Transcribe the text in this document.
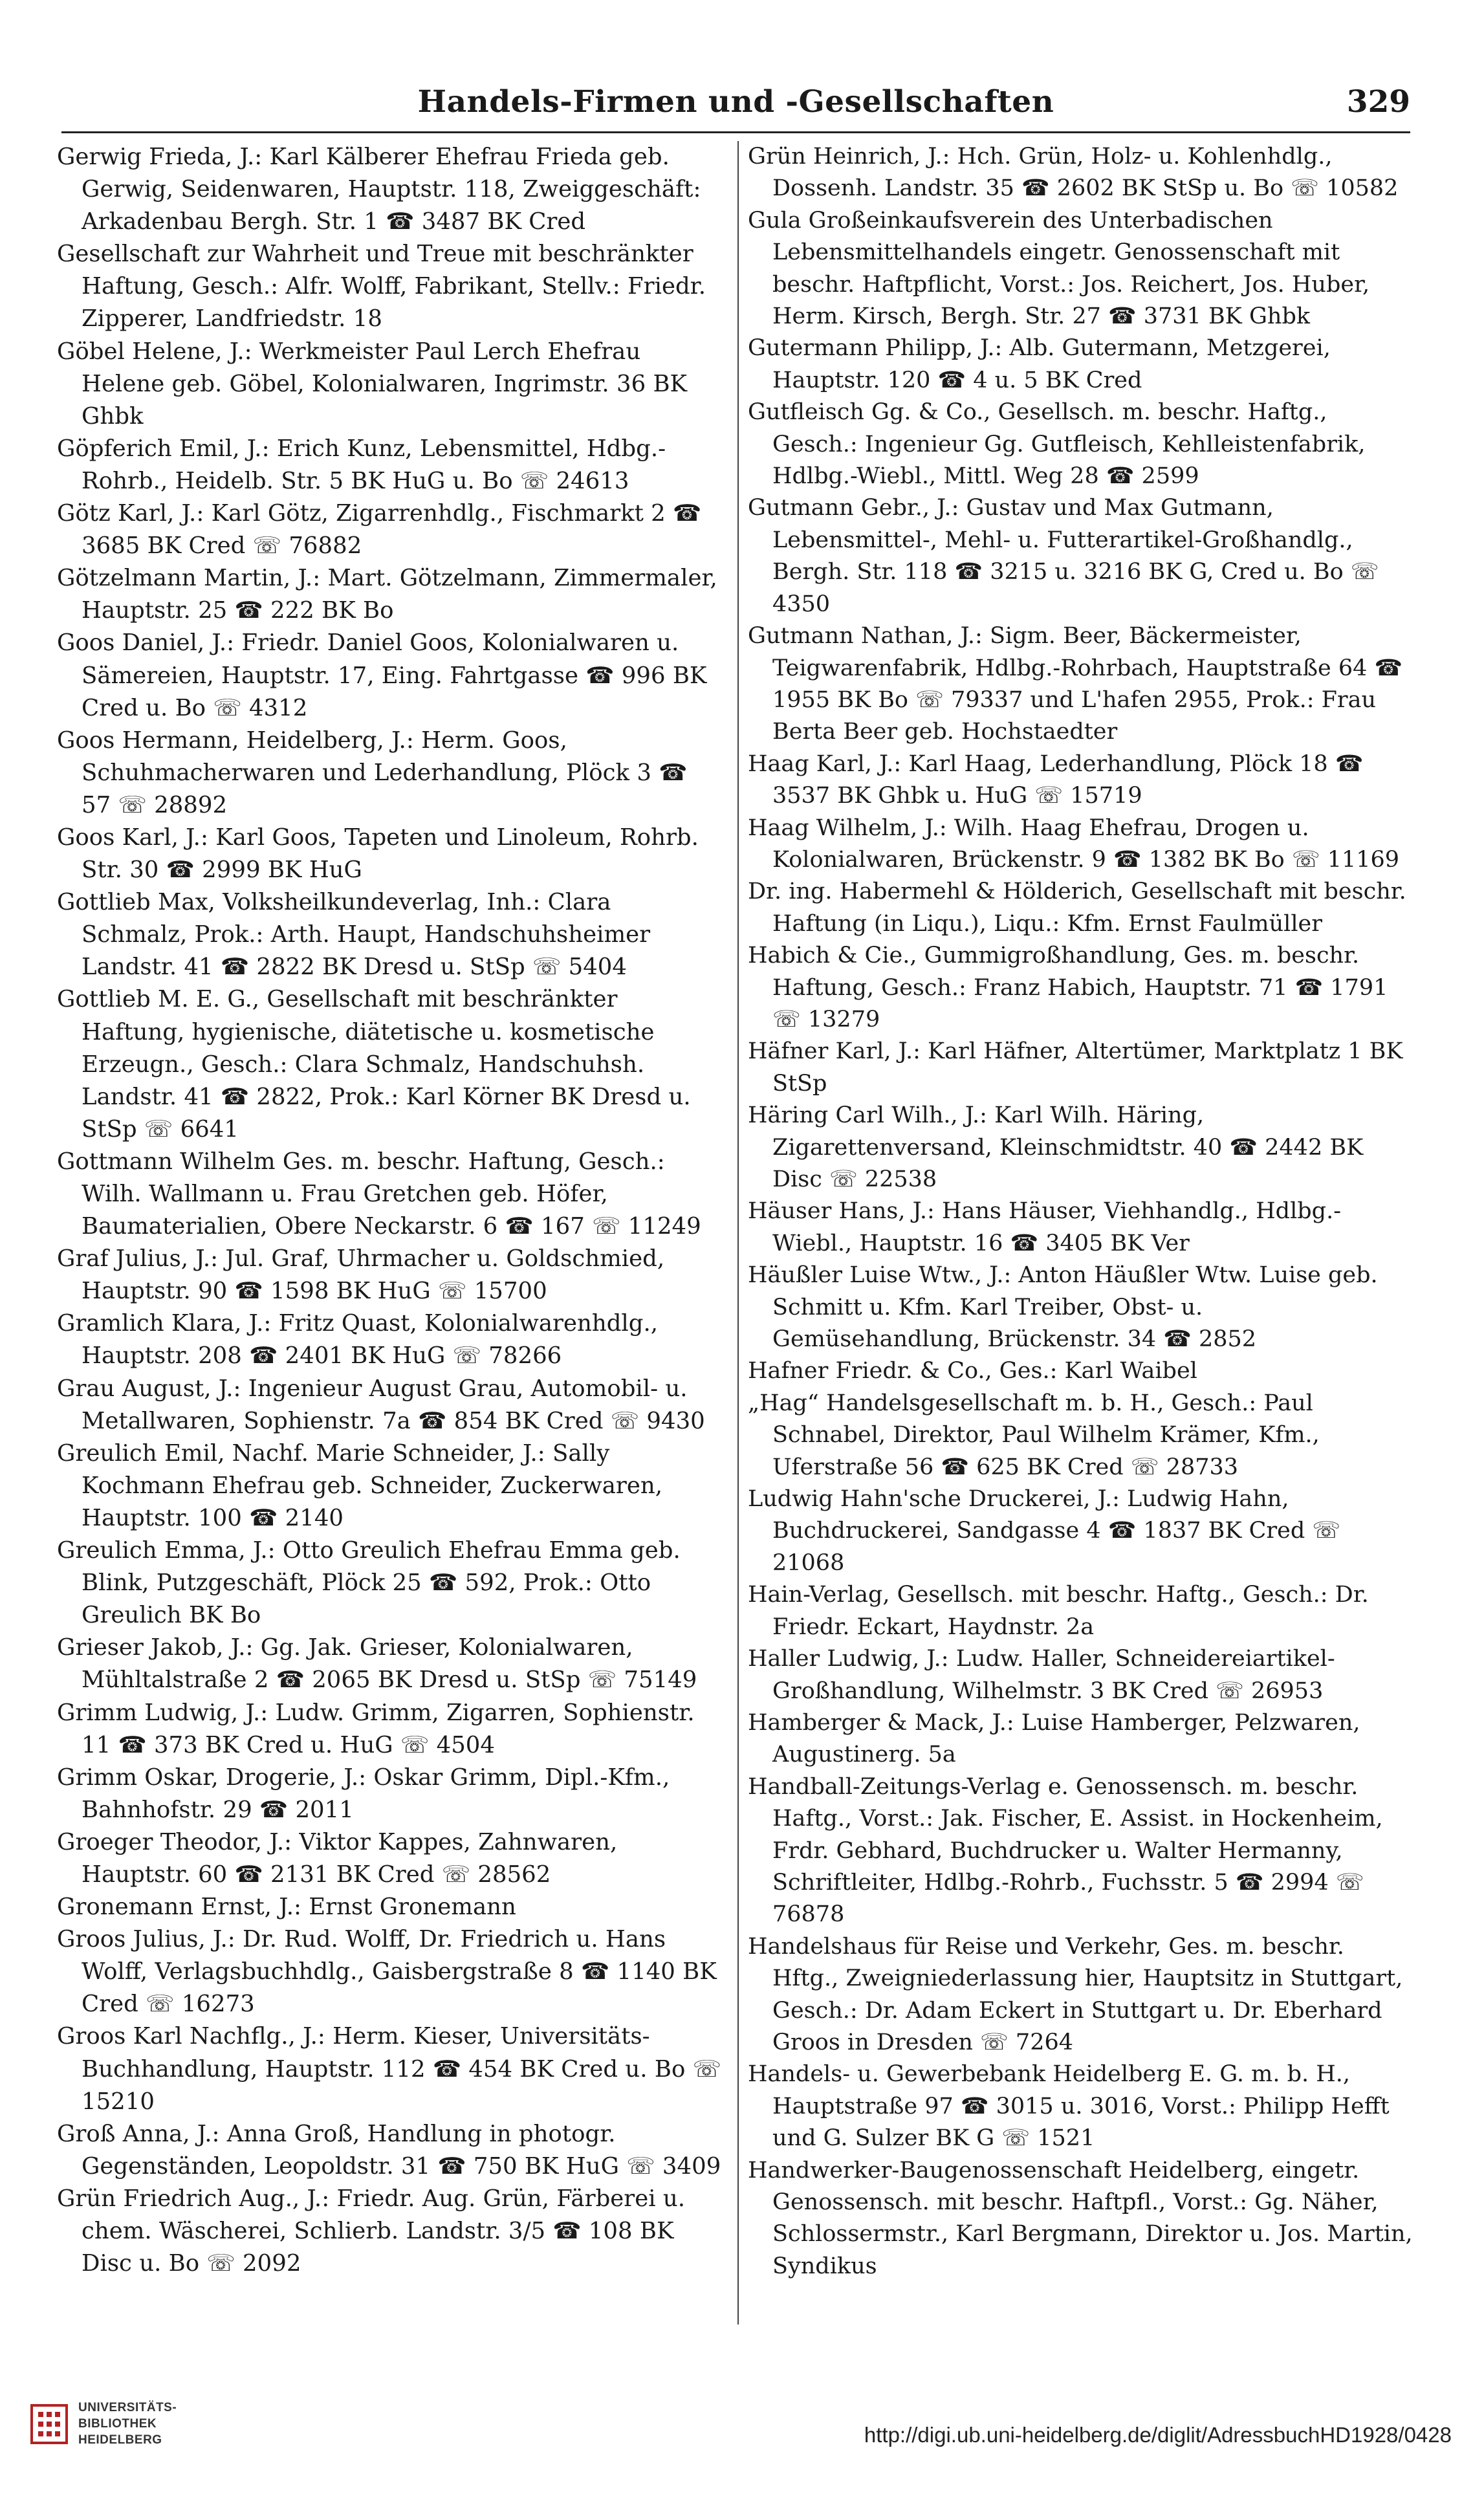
Handels-Firmen und -Gesellschaften	329

Gerwig Frieda, J.: Karl Kälberer Ehefrau Frieda geb. Gerwig, Seidenwaren, Hauptstr. 118, Zweiggeschäft: Arkadenbau Bergh. Str. 1 ☎ 3487 BK Cred

Gesellschaft zur Wahrheit und Treue mit beschränkter Haftung, Gesch.: Alfr. Wolff, Fabrikant, Stellv.: Friedr. Zipperer, Landfriedstr. 18

Göbel Helene, J.: Werkmeister Paul Lerch Ehefrau Helene geb. Göbel, Kolonialwaren, Ingrimstr. 36 BK Ghbk

Göpferich Emil, J.: Erich Kunz, Lebensmittel, Hdbg.-Rohrb., Heidelb. Str. 5 BK HuG u. Bo ☏ 24613

Götz Karl, J.: Karl Götz, Zigarrenhdlg., Fischmarkt 2 ☎ 3685 BK Cred ☏ 76882

Götzelmann Martin, J.: Mart. Götzelmann, Zimmermaler, Hauptstr. 25 ☎ 222 BK Bo

Goos Daniel, J.: Friedr. Daniel Goos, Kolonialwaren u. Sämereien, Hauptstr. 17, Eing. Fahrtgasse ☎ 996 BK Cred u. Bo ☏ 4312

Goos Hermann, Heidelberg, J.: Herm. Goos, Schuhmacherwaren und Lederhandlung, Plöck 3 ☎ 57 ☏ 28892

Goos Karl, J.: Karl Goos, Tapeten und Linoleum, Rohrb. Str. 30 ☎ 2999 BK HuG

Gottlieb Max, Volksheilkundeverlag, Inh.: Clara Schmalz, Prok.: Arth. Haupt, Handschuhsheimer Landstr. 41 ☎ 2822 BK Dresd u. StSp ☏ 5404

Gottlieb M. E. G., Gesellschaft mit beschränkter Haftung, hygienische, diätetische u. kosmetische Erzeugn., Gesch.: Clara Schmalz, Handschuhsh. Landstr. 41 ☎ 2822, Prok.: Karl Körner BK Dresd u. StSp ☏ 6641

Gottmann Wilhelm Ges. m. beschr. Haftung, Gesch.: Wilh. Wallmann u. Frau Gretchen geb. Höfer, Baumaterialien, Obere Neckarstr. 6 ☎ 167 ☏ 11249

Graf Julius, J.: Jul. Graf, Uhrmacher u. Goldschmied, Hauptstr. 90 ☎ 1598 BK HuG ☏ 15700

Gramlich Klara, J.: Fritz Quast, Kolonialwarenhdlg., Hauptstr. 208 ☎ 2401 BK HuG ☏ 78266

Grau August, J.: Ingenieur August Grau, Automobil- u. Metallwaren, Sophienstr. 7a ☎ 854 BK Cred ☏ 9430

Greulich Emil, Nachf. Marie Schneider, J.: Sally Kochmann Ehefrau geb. Schneider, Zuckerwaren, Hauptstr. 100 ☎ 2140

Greulich Emma, J.: Otto Greulich Ehefrau Emma geb. Blink, Putzgeschäft, Plöck 25 ☎ 592, Prok.: Otto Greulich BK Bo

Grieser Jakob, J.: Gg. Jak. Grieser, Kolonialwaren, Mühltalstraße 2 ☎ 2065 BK Dresd u. StSp ☏ 75149

Grimm Ludwig, J.: Ludw. Grimm, Zigarren, Sophienstr. 11 ☎ 373 BK Cred u. HuG ☏ 4504

Grimm Oskar, Drogerie, J.: Oskar Grimm, Dipl.-Kfm., Bahnhofstr. 29 ☎ 2011

Groeger Theodor, J.: Viktor Kappes, Zahnwaren, Hauptstr. 60 ☎ 2131 BK Cred ☏ 28562

Gronemann Ernst, J.: Ernst Gronemann

Groos Julius, J.: Dr. Rud. Wolff, Dr. Friedrich u. Hans Wolff, Verlagsbuchhdlg., Gaisbergstraße 8 ☎ 1140 BK Cred ☏ 16273

Groos Karl Nachflg., J.: Herm. Kieser, Universitäts-Buchhandlung, Hauptstr. 112 ☎ 454 BK Cred u. Bo ☏ 15210

Groß Anna, J.: Anna Groß, Handlung in photogr. Gegenständen, Leopoldstr. 31 ☎ 750 BK HuG ☏ 3409

Grün Friedrich Aug., J.: Friedr. Aug. Grün, Färberei u. chem. Wäscherei, Schlierb. Landstr. 3/5 ☎ 108 BK Disc u. Bo ☏ 2092

Grün Heinrich, J.: Hch. Grün, Holz- u. Kohlenhdlg., Dossenh. Landstr. 35 ☎ 2602 BK StSp u. Bo ☏ 10582

Gula Großeinkaufsverein des Unterbadischen Lebensmittelhandels eingetr. Genossenschaft mit beschr. Haftpflicht, Vorst.: Jos. Reichert, Jos. Huber, Herm. Kirsch, Bergh. Str. 27 ☎ 3731 BK Ghbk

Gutermann Philipp, J.: Alb. Gutermann, Metzgerei, Hauptstr. 120 ☎ 4 u. 5 BK Cred

Gutfleisch Gg. & Co., Gesellsch. m. beschr. Haftg., Gesch.: Ingenieur Gg. Gutfleisch, Kehlleistenfabrik, Hdlbg.-Wiebl., Mittl. Weg 28 ☎ 2599

Gutmann Gebr., J.: Gustav und Max Gutmann, Lebensmittel-, Mehl- u. Futterartikel-Großhandlg., Bergh. Str. 118 ☎ 3215 u. 3216 BK G, Cred u. Bo ☏ 4350

Gutmann Nathan, J.: Sigm. Beer, Bäckermeister, Teigwarenfabrik, Hdlbg.-Rohrbach, Hauptstraße 64 ☎ 1955 BK Bo ☏ 79337 und L'hafen 2955, Prok.: Frau Berta Beer geb. Hochstaedter

Haag Karl, J.: Karl Haag, Lederhandlung, Plöck 18 ☎ 3537 BK Ghbk u. HuG ☏ 15719

Haag Wilhelm, J.: Wilh. Haag Ehefrau, Drogen u. Kolonialwaren, Brückenstr. 9 ☎ 1382 BK Bo ☏ 11169

Dr. ing. Habermehl & Hölderich, Gesellschaft mit beschr. Haftung (in Liqu.), Liqu.: Kfm. Ernst Faulmüller

Habich & Cie., Gummigroßhandlung, Ges. m. beschr. Haftung, Gesch.: Franz Habich, Hauptstr. 71 ☎ 1791 ☏ 13279

Häfner Karl, J.: Karl Häfner, Altertümer, Marktplatz 1 BK StSp

Häring Carl Wilh., J.: Karl Wilh. Häring, Zigarettenversand, Kleinschmidtstr. 40 ☎ 2442 BK Disc ☏ 22538

Häuser Hans, J.: Hans Häuser, Viehhandlg., Hdlbg.-Wiebl., Hauptstr. 16 ☎ 3405 BK Ver

Häußler Luise Wtw., J.: Anton Häußler Wtw. Luise geb. Schmitt u. Kfm. Karl Treiber, Obst- u. Gemüsehandlung, Brückenstr. 34 ☎ 2852

Hafner Friedr. & Co., Ges.: Karl Waibel

„Hag“ Handelsgesellschaft m. b. H., Gesch.: Paul Schnabel, Direktor, Paul Wilhelm Krämer, Kfm., Uferstraße 56 ☎ 625 BK Cred ☏ 28733

Ludwig Hahn'sche Druckerei, J.: Ludwig Hahn, Buchdruckerei, Sandgasse 4 ☎ 1837 BK Cred ☏ 21068

Hain-Verlag, Gesellsch. mit beschr. Haftg., Gesch.: Dr. Friedr. Eckart, Haydnstr. 2a

Haller Ludwig, J.: Ludw. Haller, Schneidereiartikel-Großhandlung, Wilhelmstr. 3 BK Cred ☏ 26953

Hamberger & Mack, J.: Luise Hamberger, Pelzwaren, Augustinerg. 5a

Handball-Zeitungs-Verlag e. Genossensch. m. beschr. Haftg., Vorst.: Jak. Fischer, E. Assist. in Hockenheim, Frdr. Gebhard, Buchdrucker u. Walter Hermanny, Schriftleiter, Hdlbg.-Rohrb., Fuchsstr. 5 ☎ 2994 ☏ 76878

Handelshaus für Reise und Verkehr, Ges. m. beschr. Hftg., Zweigniederlassung hier, Hauptsitz in Stuttgart, Gesch.: Dr. Adam Eckert in Stuttgart u. Dr. Eberhard Groos in Dresden ☏ 7264

Handels- u. Gewerbebank Heidelberg E. G. m. b. H., Hauptstraße 97 ☎ 3015 u. 3016, Vorst.: Philipp Hefft und G. Sulzer BK G ☏ 1521

Handwerker-Baugenossenschaft Heidelberg, eingetr. Genossensch. mit beschr. Haftpfl., Vorst.: Gg. Näher, Schlossermstr., Karl Bergmann, Direktor u. Jos. Martin, Syndikus

UNIVERSITÄTS-
BIBLIOTHEK
HEIDELBERG	http://digi.ub.uni-heidelberg.de/diglit/AdressbuchHD1928/0428
